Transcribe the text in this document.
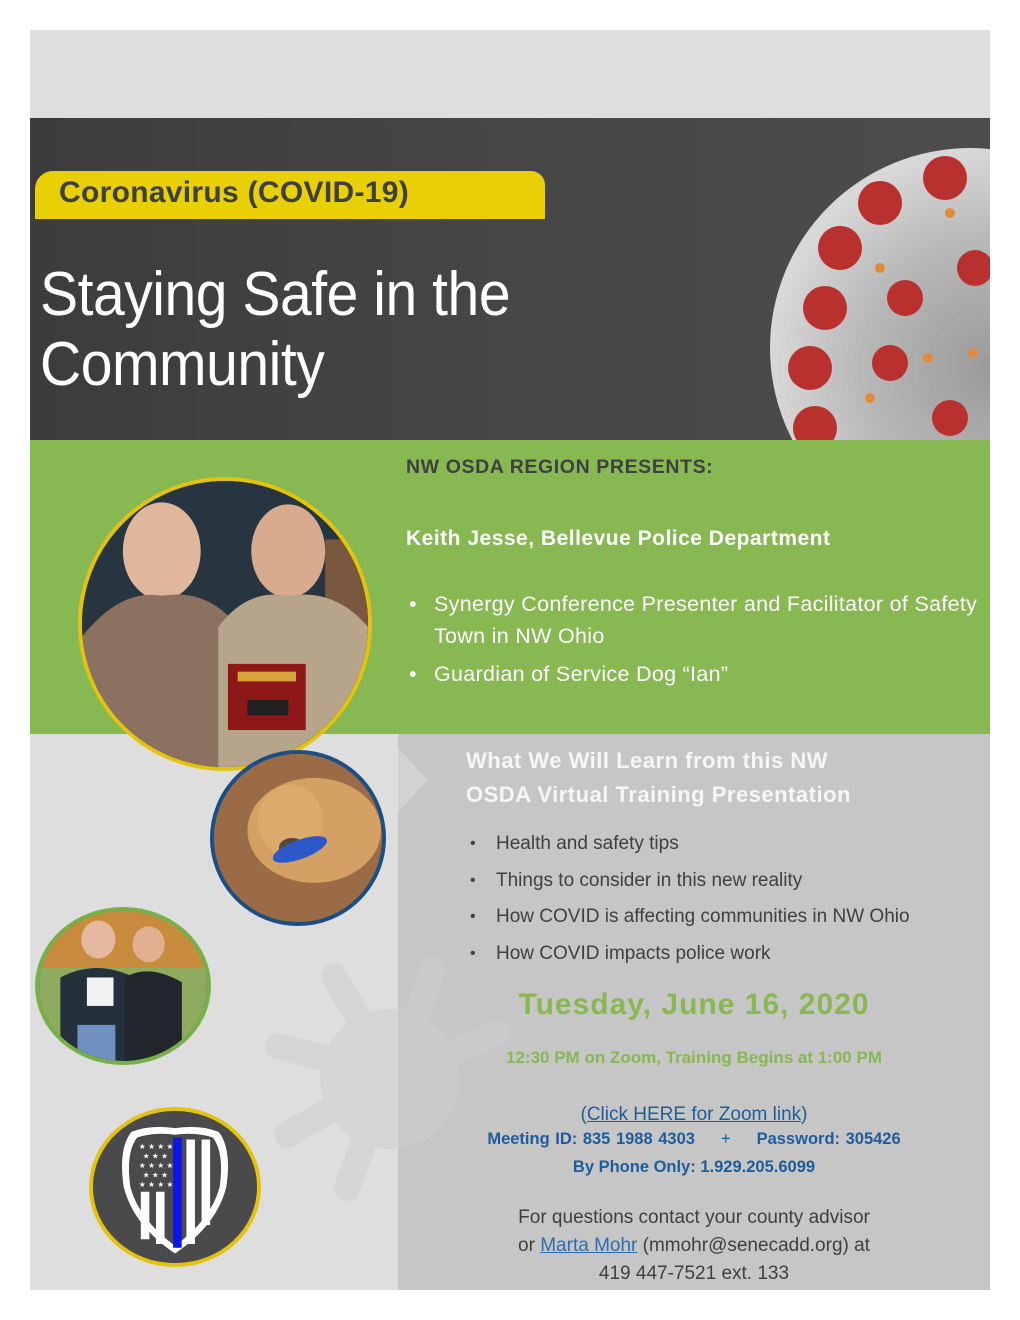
Coronavirus (COVID-19)
Staying Safe in the
Community
NW OSDA REGION PRESENTS:
Keith Jesse, Bellevue Police Department
• Synergy Conference Presenter and Facilitator of Safety Town in NW Ohio
• Guardian of Service Dog “Ian”
What We Will Learn from this NW
OSDA Virtual Training Presentation
• Health and safety tips
• Things to consider in this new reality
• How COVID is affecting communities in NW Ohio
• How COVID impacts police work
Tuesday, June 16, 2020
12:30 PM on Zoom, Training Begins at 1:00 PM
(Click HERE for Zoom link)
Meeting ID: 835 1988 4303 + Password: 305426
By Phone Only: 1.929.205.6099
For questions contact your county advisor
or Marta Mohr (mmohr@senecadd.org) at
419 447-7521 ext. 133
★ ★ ★ ★
★ ★ ★
★ ★ ★ ★
★ ★ ★
★ ★ ★ ★
